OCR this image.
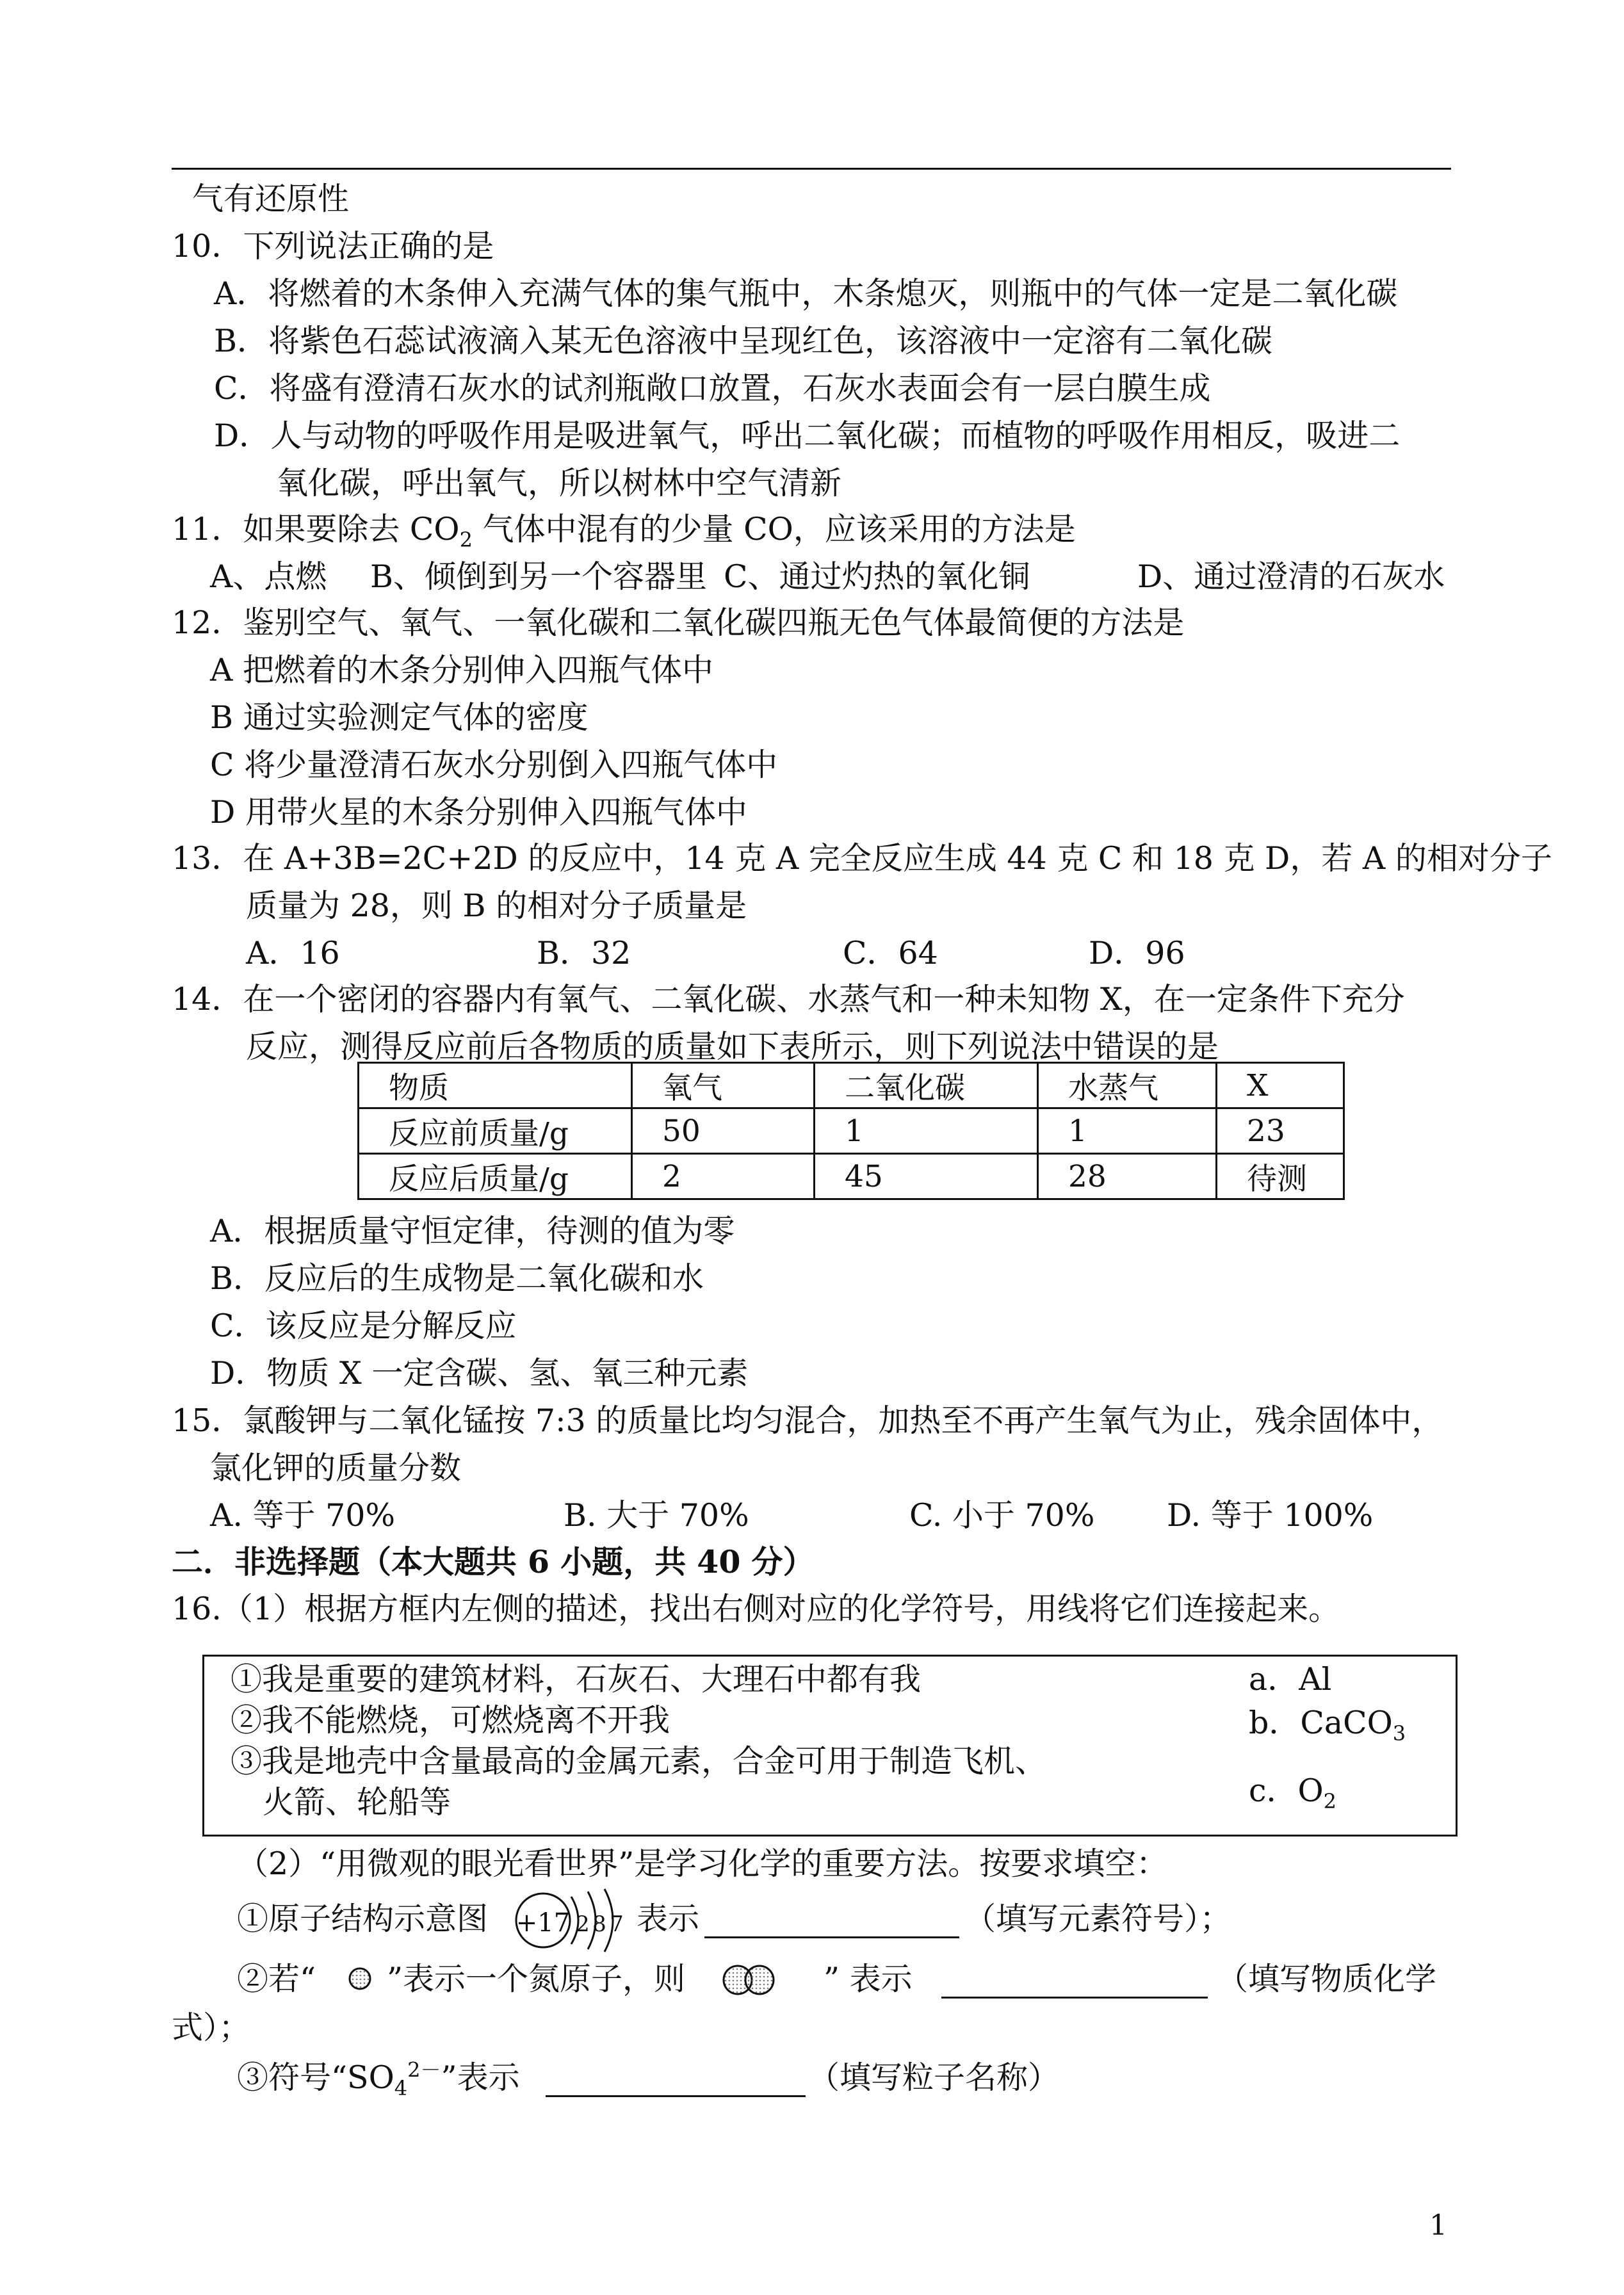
气有还原性
10．下列说法正确的是
A．将燃着的木条伸入充满气体的集气瓶中，木条熄灭，则瓶中的气体一定是二氧化碳
B．将紫色石蕊试液滴入某无色溶液中呈现红色，该溶液中一定溶有二氧化碳
C．将盛有澄清石灰水的试剂瓶敞口放置，石灰水表面会有一层白膜生成
D．人与动物的呼吸作用是吸进氧气，呼出二氧化碳；而植物的呼吸作用相反，吸进二
氧化碳，呼出氧气，所以树林中空气清新
11．如果要除去 $CO_2$ 气体中混有的少量 CO，应该采用的方法是
A、点燃 B、倾倒到另一个容器里 C、通过灼热的氧化铜	D、通过澄清的石灰水
12．鉴别空气、氧气、一氧化碳和二氧化碳四瓶无色气体最简便的方法是
A 把燃着的木条分别伸入四瓶气体中
B 通过实验测定气体的密度
C 将少量澄清石灰水分别倒入四瓶气体中
D 用带火星的木条分别伸入四瓶气体中
13．在 A+3B=2C+2D 的反应中，14 克 A 完全反应生成 44 克 C 和 18 克 D，若 A 的相对分子
质量为 28，则 B 的相对分子质量是
A．16	B．32	C．64	D．96
14．在一个密闭的容器内有氧气、二氧化碳、水蒸气和一种未知物 X，在一定条件下充分
反应，测得反应前后各物质的质量如下表所示，则下列说法中错误的是
物质	氧气	二氧化碳	水蒸气	X
反应前质量/g	50	1	1	23
反应后质量/g	2	45	28	待测
A．根据质量守恒定律，待测的值为零
B．反应后的生成物是二氧化碳和水
C．该反应是分解反应
D．物质 X 一定含碳、氢、氧三种元素
15．氯酸钾与二氧化锰按 7:3 的质量比均匀混合，加热至不再产生氧气为止，残余固体中，
氯化钾的质量分数
A. 等于 70%	B. 大于 70%	C. 小于 70% D. 等于 100%
二．非选择题（本大题共 6 小题，共 40 分）
16.（1）根据方框内左侧的描述，找出右侧对应的化学符号，用线将它们连接起来。
①我是重要的建筑材料，石灰石、大理石中都有我
②我不能燃烧，可燃烧离不开我
③我是地壳中含量最高的金属元素，合金可用于制造飞机、
火箭、轮船等
a．Al
b．CaCO$_3$
c．$O_2$
（2）“用微观的眼光看世界”是学习化学的重要方法。按要求填空：
①原子结构示意图 +17 2 8 7 表示	（填写元素符号）；
②若“ ”表示一个氮原子，则	” 表示	（填写物质化学
式）；
③符号“$SO_4^{2-}$”表示	（填写粒子名称）
1
